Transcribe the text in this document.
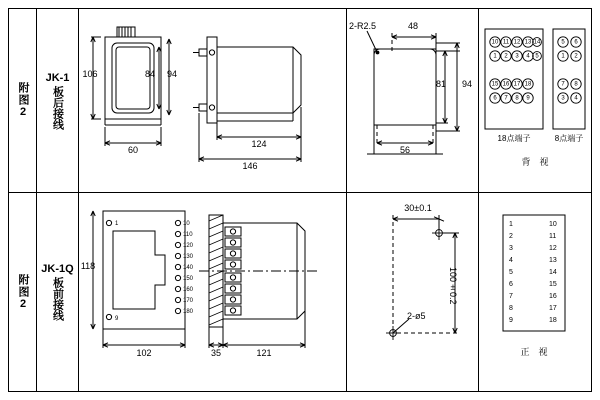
附图2
JK-1
板后接线
106	94
84
60
124
146
2-R2.5	48
94
81
56
10 11 12 13 14
1 2 3 4 5
15 16 17 18
6 7 8 9
5 6
1 2
7 8
3 4
18点端子	8点端子
背　视
附图2
JK-1Q
板前接线
1
9
10
110
120
130
140
150
160
170
180
118
102	35	121
30±0.1
100±0.2
2-ø5
1	10
2	11
3	12
4	13
5	14
6	15
7	16
8	17
9	18
正　视
